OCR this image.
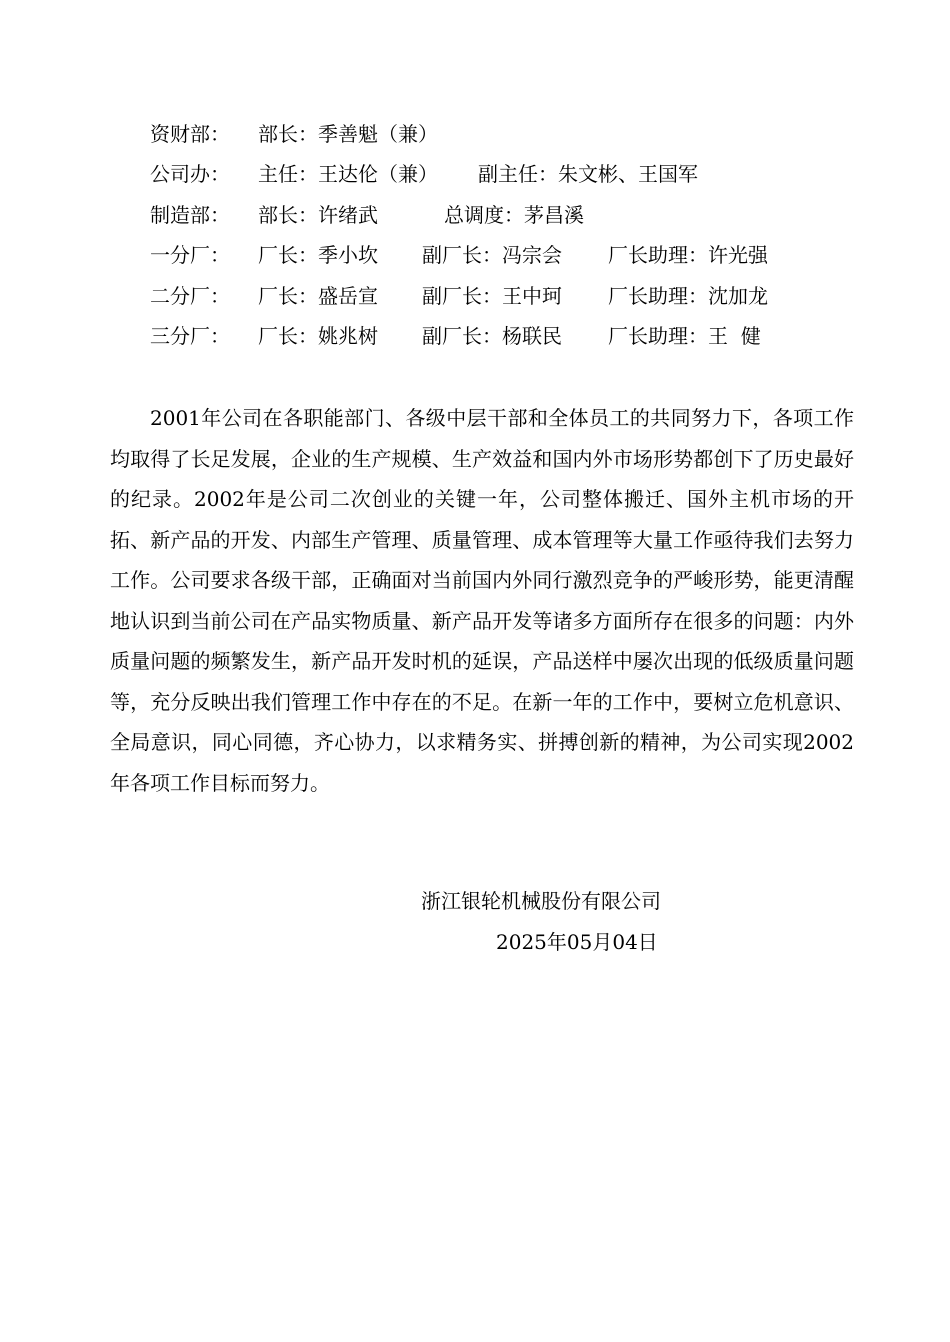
资财部： 部长：季善魁（兼）
公司办： 主任：王达伦（兼） 副主任：朱文彬、王国军
制造部： 部长：许绪武	总调度：茅昌溪
一分厂： 厂长：季小坎 副厂长：冯宗会 厂长助理：许光强
二分厂： 厂长：盛岳宣 副厂长：王中珂 厂长助理：沈加龙
三分厂： 厂长：姚兆树 副厂长：杨联民 厂长助理：王  健

2001年公司在各职能部门、各级中层干部和全体员工的共同努力下，各项工作均取得了长足发展，企业的生产规模、生产效益和国内外市场形势都创下了历史最好的纪录。2002年是公司二次创业的关键一年，公司整体搬迁、国外主机市场的开拓、新产品的开发、内部生产管理、质量管理、成本管理等大量工作亟待我们去努力工作。公司要求各级干部，正确面对当前国内外同行激烈竞争的严峻形势，能更清醒地认识到当前公司在产品实物质量、新产品开发等诸多方面所存在很多的问题：内外质量问题的频繁发生，新产品开发时机的延误，产品送样中屡次出现的低级质量问题等，充分反映出我们管理工作中存在的不足。在新一年的工作中，要树立危机意识、全局意识，同心同德，齐心协力，以求精务实、拼搏创新的精神，为公司实现2002年各项工作目标而努力。

浙江银轮机械股份有限公司
2025年05月04日
